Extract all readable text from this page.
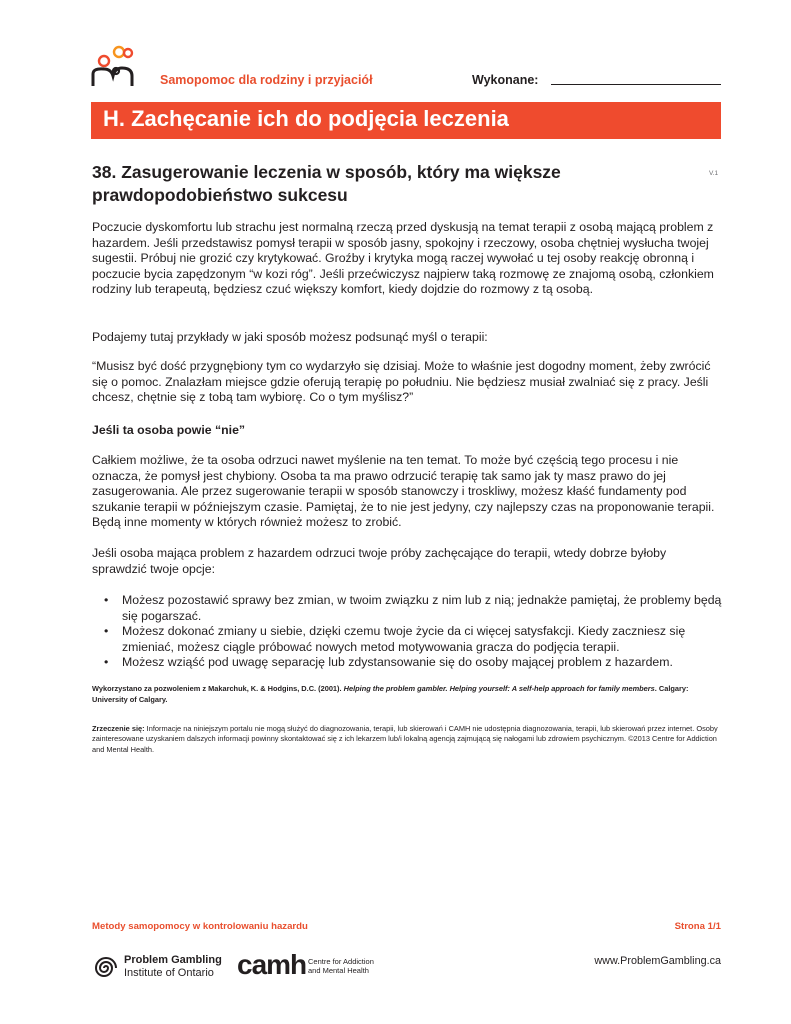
Samopomoc dla rodziny i przyjaciół	Wykonane:
H. Zachęcanie ich do podjęcia leczenia
38. Zasugerowanie leczenia w sposób, który ma większe prawdopodobieństwo sukcesu
V.1
Poczucie dyskomfortu lub strachu jest normalną rzeczą przed dyskusją na temat terapii z osobą mającą problem z hazardem. Jeśli przedstawisz pomysł terapii w sposób jasny, spokojny i rzeczowy, osoba chętniej wysłucha twojej sugestii. Próbuj nie grozić czy krytykować. Groźby i krytyka mogą raczej wywołać u tej osoby reakcję obronną i poczucie bycia zapędzonym “w kozi róg”. Jeśli przećwiczysz najpierw taką rozmowę ze znajomą osobą, członkiem rodziny lub terapeutą, będziesz czuć większy komfort, kiedy dojdzie do rozmowy z tą osobą.
Podajemy tutaj przykłady w jaki sposób możesz podsunąć myśl o terapii:
“Musisz być dość przygnębiony tym co wydarzyło się dzisiaj. Może to właśnie jest dogodny moment, żeby zwrócić się o pomoc. Znalazłam miejsce gdzie oferują terapię po południu. Nie będziesz musiał zwalniać się z pracy. Jeśli chcesz, chętnie się z tobą tam wybiorę. Co o tym myślisz?”
Jeśli ta osoba powie “nie”
Całkiem możliwe, że ta osoba odrzuci nawet myślenie na ten temat. To może być częścią tego procesu i nie oznacza, że pomysł jest chybiony. Osoba ta ma prawo odrzucić terapię tak samo jak ty masz prawo do jej zasugerowania. Ale przez sugerowanie terapii w sposób stanowczy i troskliwy, możesz kłaść fundamenty pod szukanie terapii w późniejszym czasie. Pamiętaj, że to nie jest jedyny, czy najlepszy czas na proponowanie terapii. Będą inne momenty w których również możesz to zrobić.
Jeśli osoba mająca problem z hazardem odrzuci twoje próby zachęcające do terapii, wtedy dobrze byłoby sprawdzić twoje opcje:
• Możesz pozostawić sprawy bez zmian, w twoim związku z nim lub z nią; jednakże pamiętaj, że problemy będą się pogarszać.
• Możesz dokonać zmiany u siebie, dzięki czemu twoje życie da ci więcej satysfakcji. Kiedy zaczniesz się zmieniać, możesz ciągle próbować nowych metod motywowania gracza do podjęcia terapii.
• Możesz wziąść pod uwagę separację lub zdystansowanie się do osoby mającej problem z hazardem.
Wykorzystano za pozwoleniem z Makarchuk, K. & Hodgins, D.C. (2001). Helping the problem gambler. Helping yourself: A self-help approach for family members. Calgary: University of Calgary.
Zrzeczenie się: Informacje na niniejszym portalu nie mogą służyć do diagnozowania, terapii, lub skierowań i CAMH nie udostępnia diagnozowania, terapii, lub skierowań przez internet. Osoby zainteresowane uzyskaniem dalszych informacji powinny skontaktować się z ich lekarzem lub/i lokalną agencją zajmującą się nałogami lub zdrowiem psychicznym. ©2013 Centre for Addiction and Mental Health.
Metody samopomocy w kontrolowaniu hazardu	Strona 1/1
Problem Gambling
Institute of Ontario camh Centre for Addiction
and Mental Health
www.ProblemGambling.ca
